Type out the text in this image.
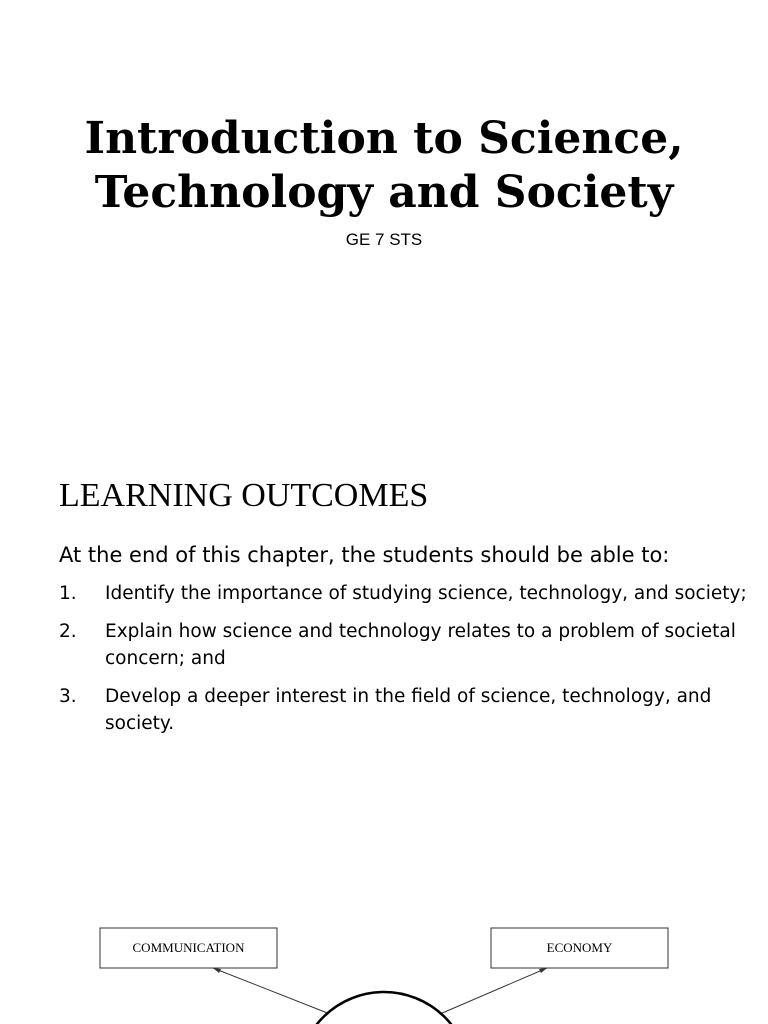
Introduction to Science,
Technology and Society
GE 7 STS
LEARNING OUTCOMES
At the end of this chapter, the students should be able to:
1. Identify the importance of studying science, technology, and society;
2. Explain how science and technology relates to a problem of societal concern; and
3. Develop a deeper interest in the field of science, technology, and society.
COMMUNICATION	ECONOMY
